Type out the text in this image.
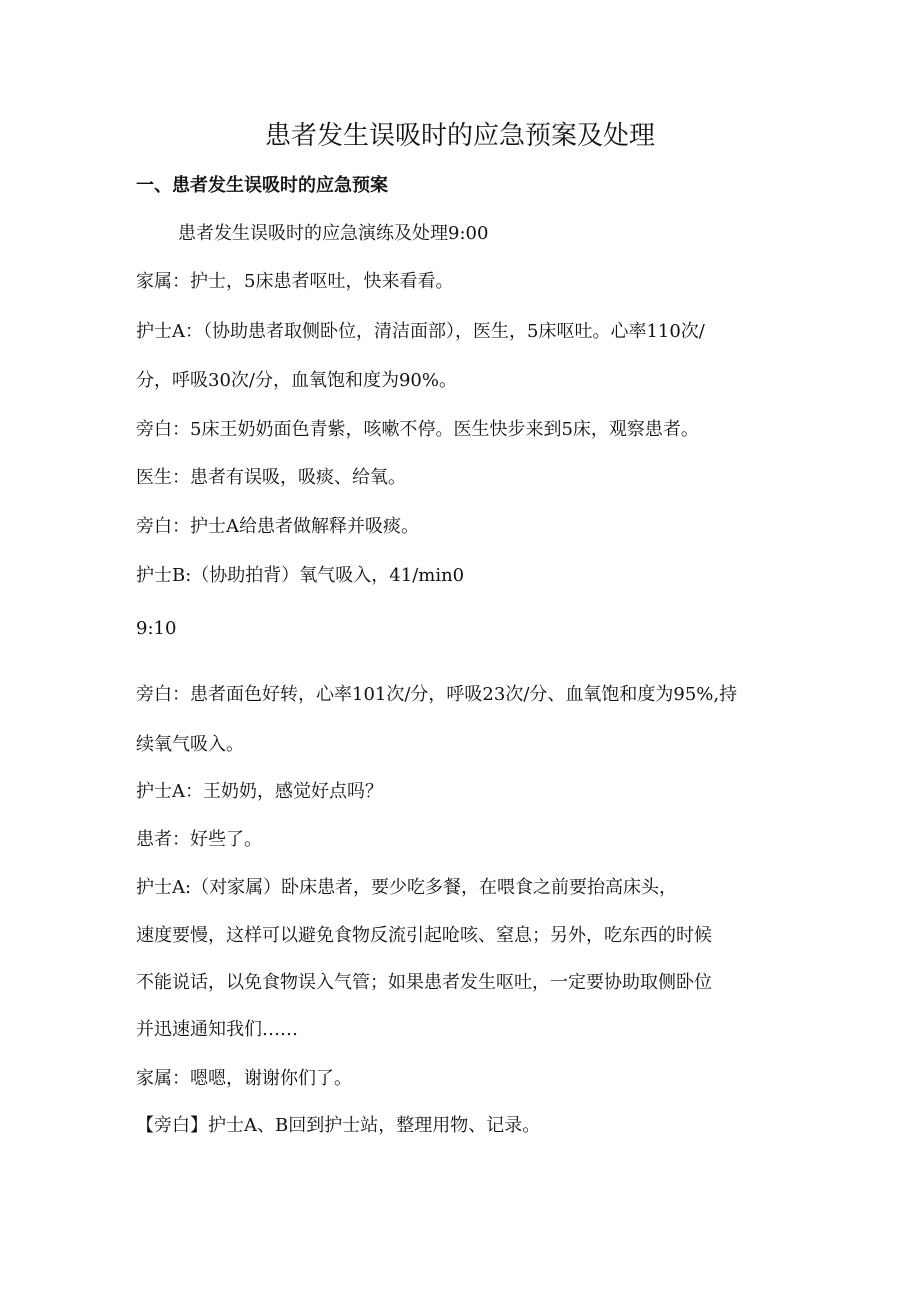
患者发生误吸时的应急预案及处理
一、患者发生误吸时的应急预案
患者发生误吸时的应急演练及处理9:00
家属：护士，5床患者呕吐，快来看看。
护士A：（协助患者取侧卧位，清洁面部），医生，5床呕吐。心率110次/
分，呼吸30次/分，血氧饱和度为90%。
旁白：5床王奶奶面色青紫，咳嗽不停。医生快步来到5床，观察患者。
医生：患者有误吸，吸痰、给氧。
旁白：护士A给患者做解释并吸痰。
护士B:（协助拍背）氧气吸入，41∕min0
9:10
旁白：患者面色好转，心率101次/分，呼吸23次/分、血氧饱和度为95%,持
续氧气吸入。
护士A：王奶奶，感觉好点吗？
患者：好些了。
护士A:（对家属）卧床患者，要少吃多餐，在喂食之前要抬高床头，
速度要慢，这样可以避免食物反流引起呛咳、窒息；另外，吃东西的时候
不能说话，以免食物误入气管；如果患者发生呕吐，一定要协助取侧卧位
并迅速通知我们……
家属：嗯嗯，谢谢你们了。
【旁白】护士A、B回到护士站，整理用物、记录。
